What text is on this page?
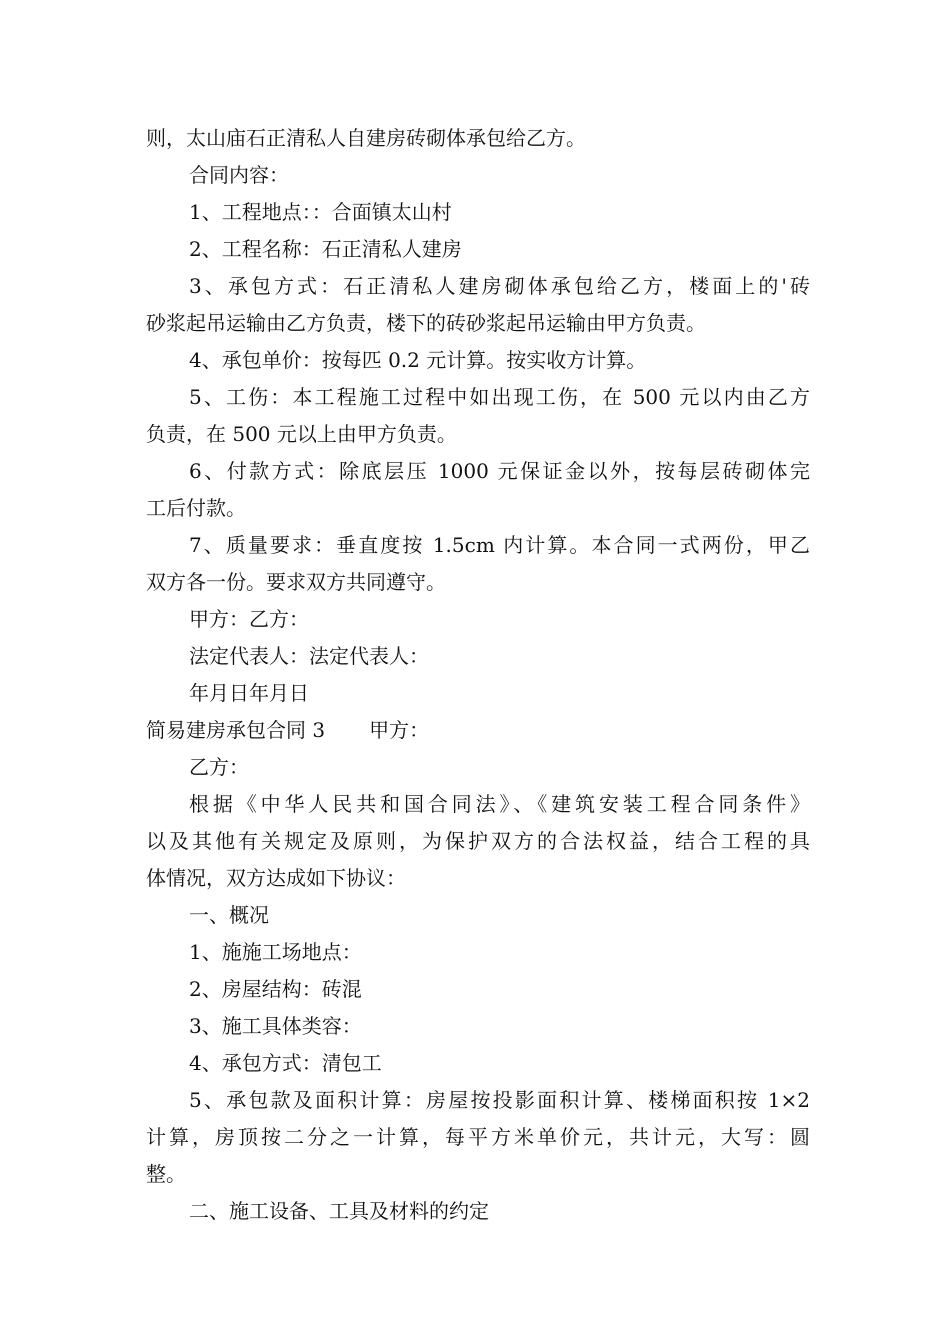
则，太山庙石正清私人自建房砖砌体承包给乙方。
合同内容：
1、工程地点：：合面镇太山村
2、工程名称：石正清私人建房
3、承包方式：石正清私人建房砌体承包给乙方，楼面上的'砖
砂浆起吊运输由乙方负责，楼下的砖砂浆起吊运输由甲方负责。
4、承包单价：按每匹 0.2 元计算。按实收方计算。
5、工伤：本工程施工过程中如出现工伤，在 500 元以内由乙方
负责，在 500 元以上由甲方负责。
6、付款方式：除底层压 1000 元保证金以外，按每层砖砌体完
工后付款。
7、质量要求：垂直度按 1.5cm 内计算。本合同一式两份，甲乙
双方各一份。要求双方共同遵守。
甲方：乙方：
法定代表人：法定代表人：
年月日年月日
简易建房承包合同 3 甲方：
乙方：
根据《中华人民共和国合同法》、《建筑安装工程合同条件》
以及其他有关规定及原则，为保护双方的合法权益，结合工程的具
体情况，双方达成如下协议：
一、概况
1、施施工场地点：
2、房屋结构：砖混
3、施工具体类容：
4、承包方式：清包工
5、承包款及面积计算：房屋按投影面积计算、楼梯面积按 1×2
计算，房顶按二分之一计算，每平方米单价元，共计元，大写：圆
整。
二、施工设备、工具及材料的约定
